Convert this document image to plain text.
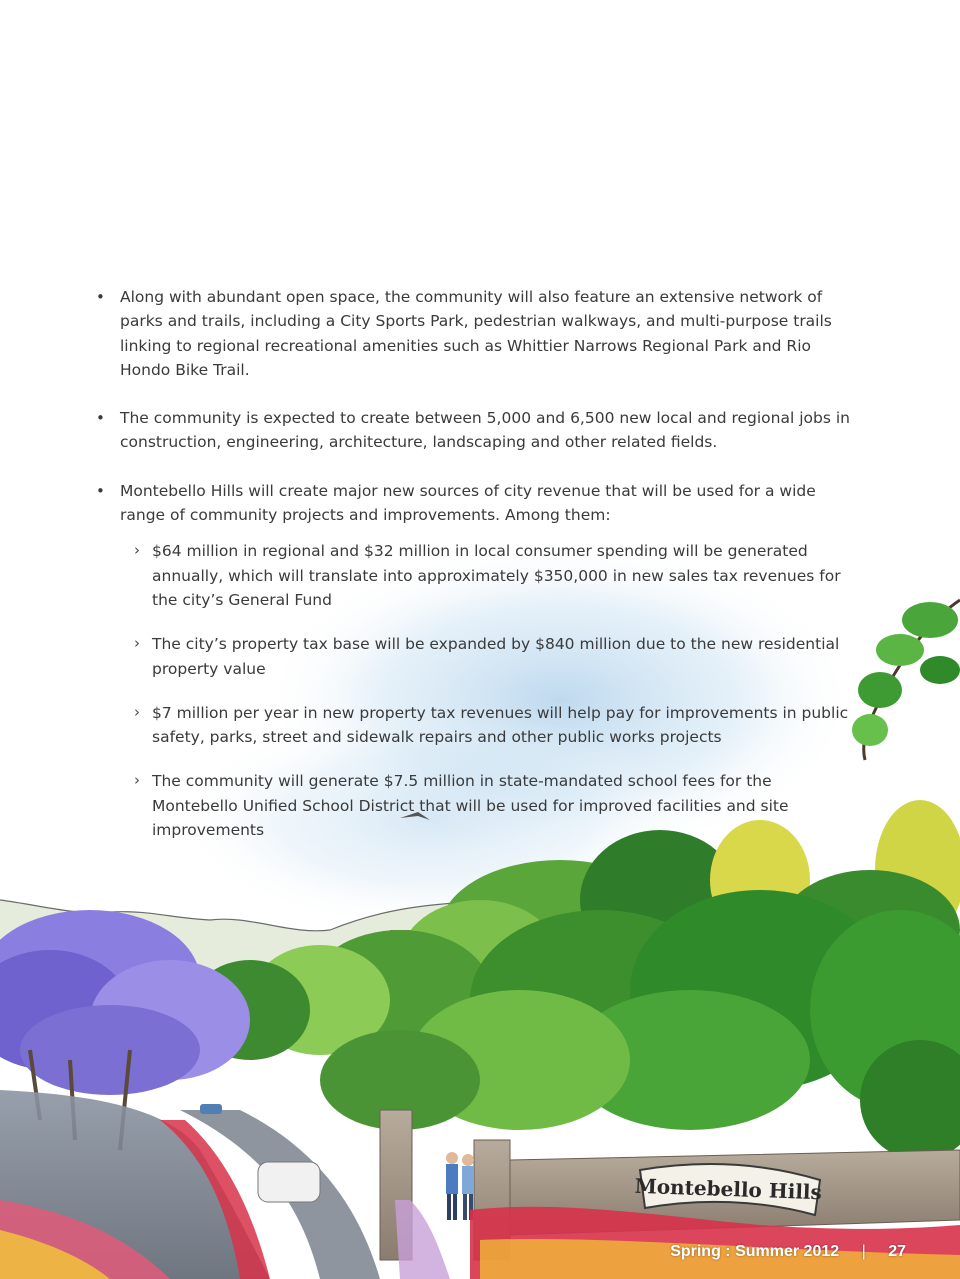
Montebello Hills
• Along with abundant open space, the community will also feature an extensive network of parks and trails, including a City Sports Park, pedestrian walkways, and multi-purpose trails linking to regional recreational amenities such as Whittier Narrows Regional Park and Rio Hondo Bike Trail.
• The community is expected to create between 5,000 and 6,500 new local and regional jobs in construction, engineering, architecture, landscaping and other related fields.
• Montebello Hills will create major new sources of city revenue that will be used for a wide range of community projects and improvements. Among them:
› $64 million in regional and $32 million in local consumer spending will be generated annually, which will translate into approximately $350,000 in new sales tax revenues for the city’s General Fund
› The city’s property tax base will be expanded by $840 million due to the new residential property value
› $7 million per year in new property tax revenues will help pay for improvements in public safety, parks, street and sidewalk repairs and other public works projects
› The community will generate $7.5 million in state-mandated school fees for the Montebello Unified School District that will be used for improved facilities and site improvements
Spring : Summer 2012 | 27
